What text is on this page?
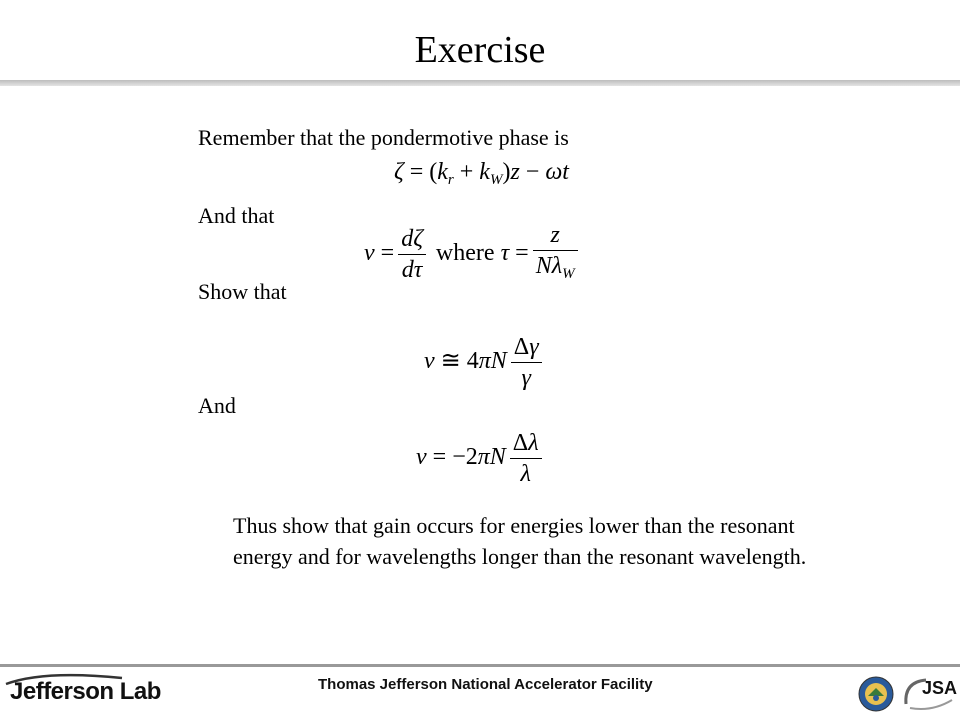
Exercise
Remember that the pondermotive phase is
$\zeta = (k_r + k_W)z - \omega t$
And that
$\nu = \frac{d\zeta}{d\tau}$ where $\tau = \frac{z}{N\lambda_W}$
Show that
ν ≅ $4\pi N \frac{\Delta\gamma}{\gamma}$
And
$\nu = -2\pi N \frac{\Delta\lambda}{\lambda}$
Thus show that gain occurs for energies lower than the resonant energy and for wavelengths longer than the resonant wavelength.
Jefferson Lab	Thomas Jefferson National Accelerator Facility	JSA
